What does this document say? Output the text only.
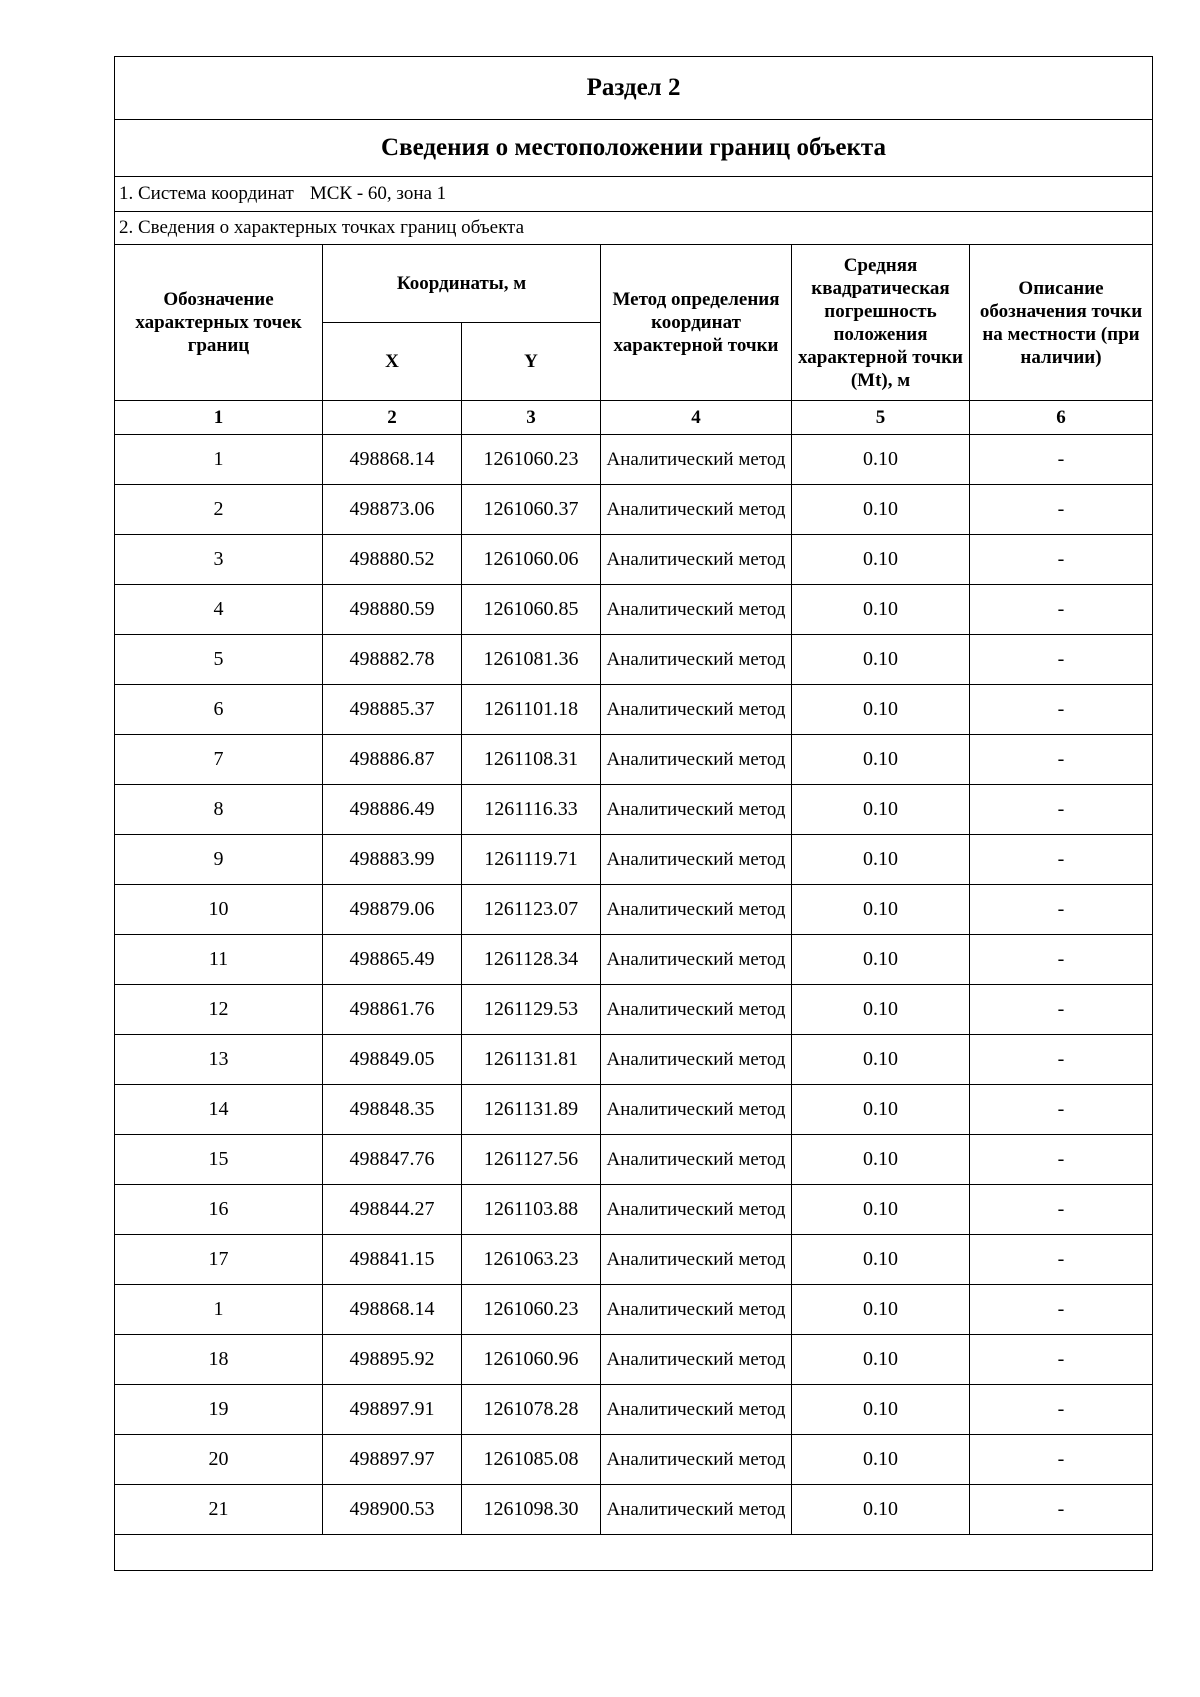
Раздел 2					
Сведения о местоположении границ объекта					
1. Система координат МСК - 60, зона 1					
2. Сведения о характерных точках границ объекта					
Обозначение характерных точек границ	Координаты, м		Метод определения координат характерной точки	Средняя квадратическая погрешность положения характерной точки (Mt), м	Описание обозначения точки на местности (при наличии)
	X	Y			
1	2	3	4	5	6
1	498868.14	1261060.23	Аналитический метод	0.10	-
2	498873.06	1261060.37	Аналитический метод	0.10	-
3	498880.52	1261060.06	Аналитический метод	0.10	-
4	498880.59	1261060.85	Аналитический метод	0.10	-
5	498882.78	1261081.36	Аналитический метод	0.10	-
6	498885.37	1261101.18	Аналитический метод	0.10	-
7	498886.87	1261108.31	Аналитический метод	0.10	-
8	498886.49	1261116.33	Аналитический метод	0.10	-
9	498883.99	1261119.71	Аналитический метод	0.10	-
10	498879.06	1261123.07	Аналитический метод	0.10	-
11	498865.49	1261128.34	Аналитический метод	0.10	-
12	498861.76	1261129.53	Аналитический метод	0.10	-
13	498849.05	1261131.81	Аналитический метод	0.10	-
14	498848.35	1261131.89	Аналитический метод	0.10	-
15	498847.76	1261127.56	Аналитический метод	0.10	-
16	498844.27	1261103.88	Аналитический метод	0.10	-
17	498841.15	1261063.23	Аналитический метод	0.10	-
1	498868.14	1261060.23	Аналитический метод	0.10	-
18	498895.92	1261060.96	Аналитический метод	0.10	-
19	498897.91	1261078.28	Аналитический метод	0.10	-
20	498897.97	1261085.08	Аналитический метод	0.10	-
21	498900.53	1261098.30	Аналитический метод	0.10	-
